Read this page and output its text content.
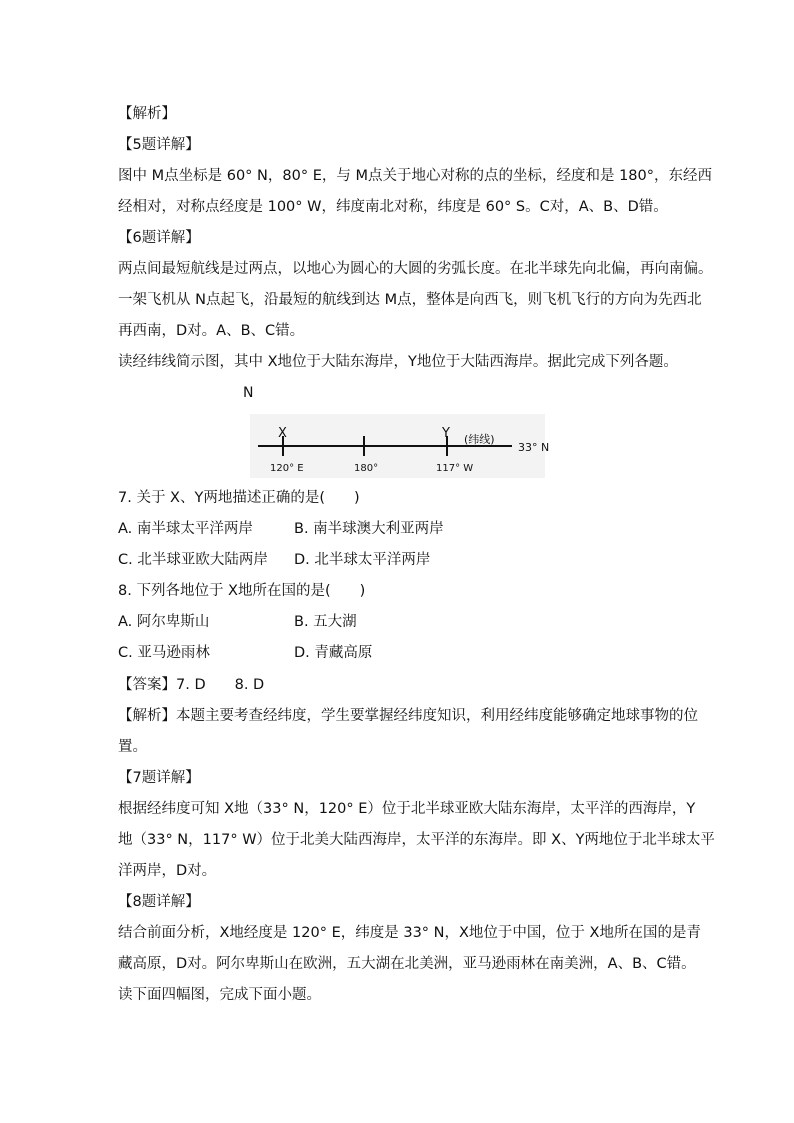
【解析】
【5题详解】
图中 M点坐标是 60° N，80° E，与 M点关于地心对称的点的坐标，经度和是 180°，东经西
经相对，对称点经度是 100° W，纬度南北对称，纬度是 60° S。C对，A、B、D错。
【6题详解】
两点间最短航线是过两点，以地心为圆心的大圆的劣弧长度。在北半球先向北偏，再向南偏。
一架飞机从 N点起飞，沿最短的航线到达 M点，整体是向西飞，则飞机飞行的方向为先西北
再西南，D对。A、B、C错。
读经纬线简示图，其中 X地位于大陆东海岸，Y地位于大陆西海岸。据此完成下列各题。
N
X	Y (纬线)
33° N
120° E	180°	117° W
7. 关于 X、Y两地描述正确的是(　　)
A. 南半球太平洋两岸	B. 南半球澳大利亚两岸
C. 北半球亚欧大陆两岸 D. 北半球太平洋两岸
8. 下列各地位于 X地所在国的是(　　)
A. 阿尔卑斯山	B. 五大湖
C. 亚马逊雨林	D. 青藏高原
【答案】7. D　　8. D
【解析】本题主要考查经纬度，学生要掌握经纬度知识，利用经纬度能够确定地球事物的位
置。
【7题详解】
根据经纬度可知 X地（33° N，120° E）位于北半球亚欧大陆东海岸，太平洋的西海岸，Y
地（33° N，117° W）位于北美大陆西海岸，太平洋的东海岸。即 X、Y两地位于北半球太平
洋两岸，D对。
【8题详解】
结合前面分析，X地经度是 120° E，纬度是 33° N，X地位于中国，位于 X地所在国的是青
藏高原，D对。阿尔卑斯山在欧洲，五大湖在北美洲，亚马逊雨林在南美洲，A、B、C错。
读下面四幅图，完成下面小题。
